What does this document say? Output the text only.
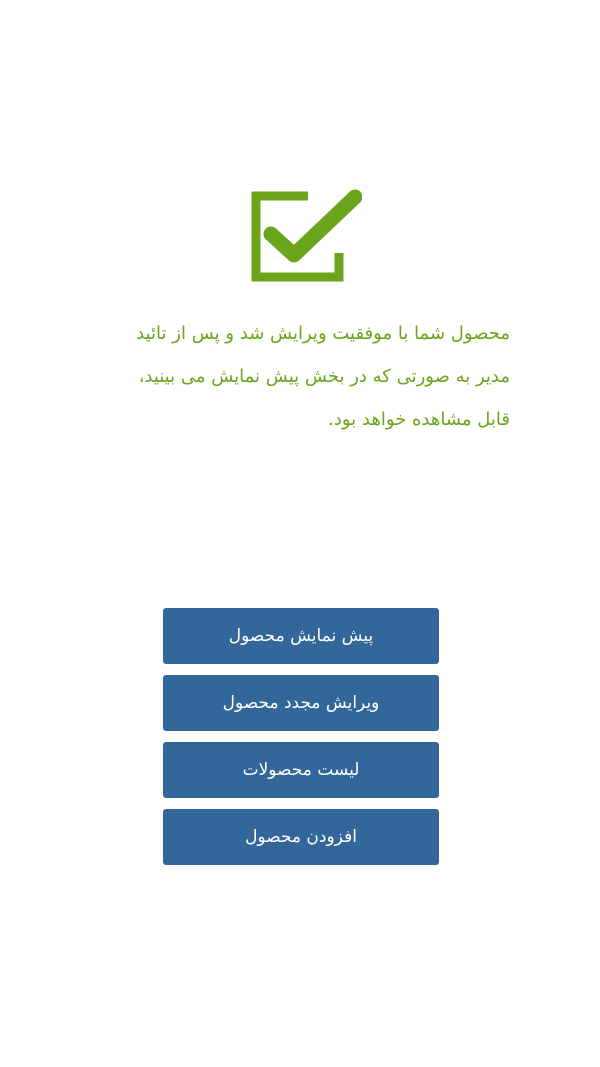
محصول شما با موفقیت ویرایش شد و پس از تائید

مدیر به صورتی که در بخش پیش نمایش می بینید،

قابل مشاهده خواهد بود.

پیش نمایش محصول
ویرایش مجدد محصول
لیست محصولات
افزودن محصول
